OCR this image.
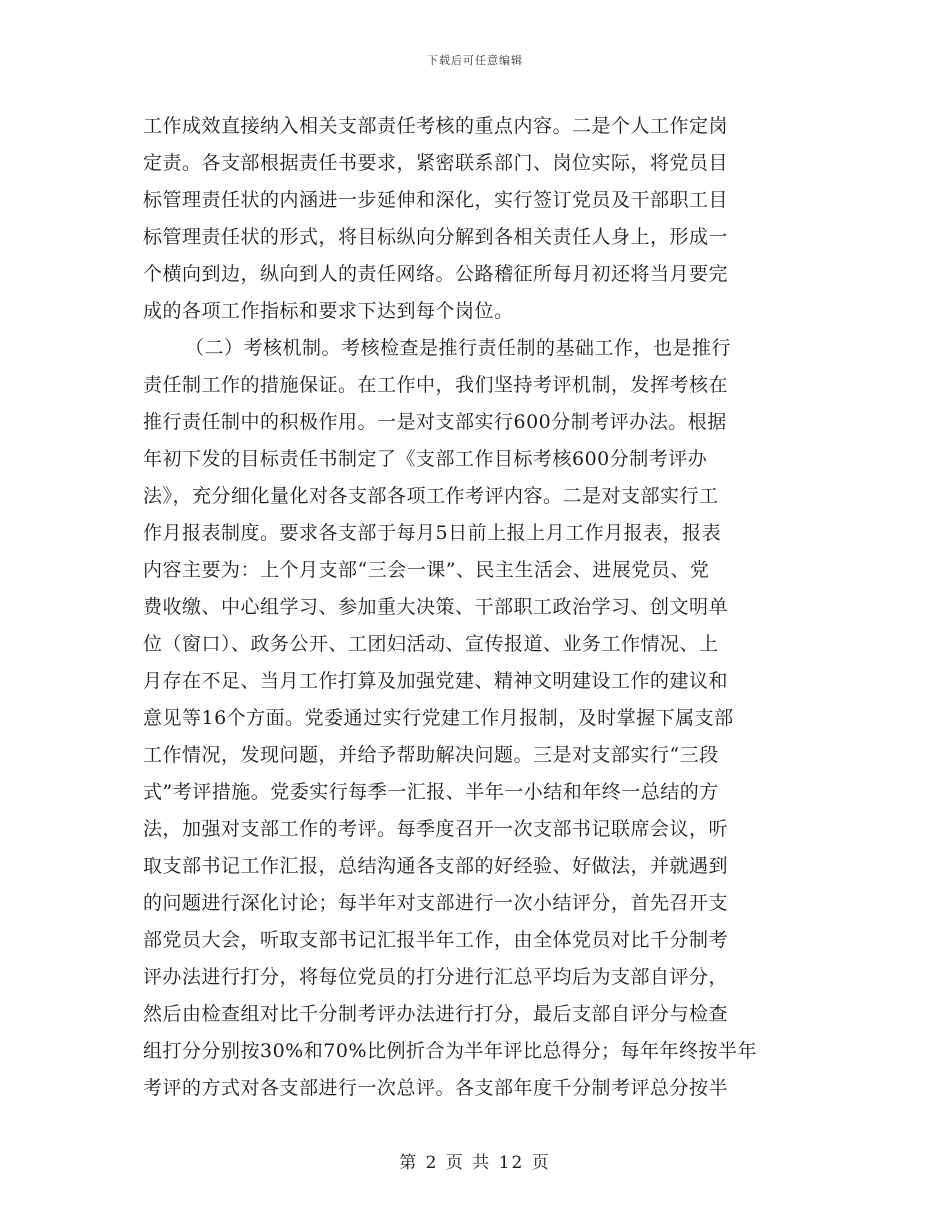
下载后可任意编辑
工作成效直接纳入相关支部责任考核的重点内容。二是个人工作定岗
定责。各支部根据责任书要求，紧密联系部门、岗位实际，将党员目
标管理责任状的内涵进一步延伸和深化，实行签订党员及干部职工目
标管理责任状的形式，将目标纵向分解到各相关责任人身上，形成一
个横向到边，纵向到人的责任网络。公路稽征所每月初还将当月要完
成的各项工作指标和要求下达到每个岗位。
（二）考核机制。考核检查是推行责任制的基础工作，也是推行
责任制工作的措施保证。在工作中，我们坚持考评机制，发挥考核在
推行责任制中的积极作用。一是对支部实行600分制考评办法。根据
年初下发的目标责任书制定了《支部工作目标考核600分制考评办
法》，充分细化量化对各支部各项工作考评内容。二是对支部实行工
作月报表制度。要求各支部于每月5日前上报上月工作月报表，报表
内容主要为：上个月支部“三会一课”、民主生活会、进展党员、党
费收缴、中心组学习、参加重大决策、干部职工政治学习、创文明单
位（窗口）、政务公开、工团妇活动、宣传报道、业务工作情况、上
月存在不足、当月工作打算及加强党建、精神文明建设工作的建议和
意见等16个方面。党委通过实行党建工作月报制，及时掌握下属支部
工作情况，发现问题，并给予帮助解决问题。三是对支部实行“三段
式”考评措施。党委实行每季一汇报、半年一小结和年终一总结的方
法，加强对支部工作的考评。每季度召开一次支部书记联席会议，听
取支部书记工作汇报，总结沟通各支部的好经验、好做法，并就遇到
的问题进行深化讨论；每半年对支部进行一次小结评分，首先召开支
部党员大会，听取支部书记汇报半年工作，由全体党员对比千分制考
评办法进行打分，将每位党员的打分进行汇总平均后为支部自评分，
然后由检查组对比千分制考评办法进行打分，最后支部自评分与检查
组打分分别按30%和70%比例折合为半年评比总得分；每年年终按半年
考评的方式对各支部进行一次总评。各支部年度千分制考评总分按半
第 2 页 共 12 页
